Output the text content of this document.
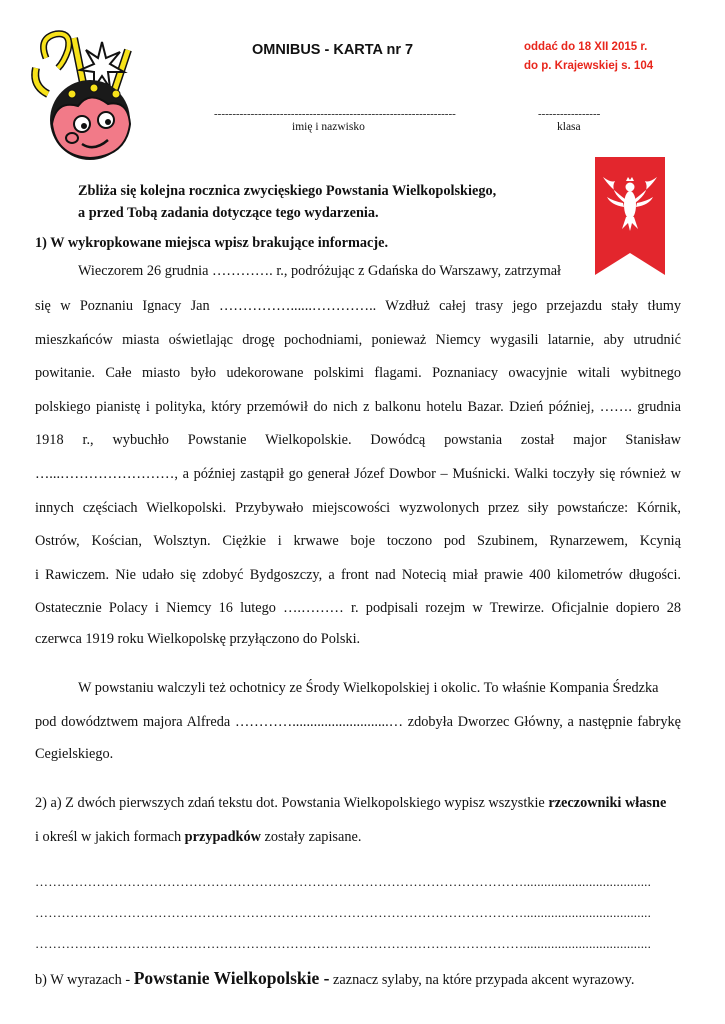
OMNIBUS - KARTA nr 7	oddać do 18 XII 2015 r.
do p. Krajewskiej s. 104
------------------------------------------------------------------
imię i nazwisko
-----------------
klasa
Zbliża się kolejna rocznica zwycięskiego Powstania Wielkopolskiego,
a przed Tobą zadania dotyczące tego wydarzenia.
1) W wykropkowane miejsca wpisz brakujące informacje.
Wieczorem 26 grudnia …………. r., podróżując z Gdańska do Warszawy, zatrzymał
się w Poznaniu Ignacy Jan ……………......………….. Wzdłuż całej trasy jego przejazdu stały tłumy
mieszkańców miasta oświetlając drogę pochodniami, ponieważ Niemcy wygasili latarnie, aby utrudnić
powitanie. Całe miasto było udekorowane polskimi flagami. Poznaniacy owacyjnie witali wybitnego
polskiego pianistę i polityka, który przemówił do nich z balkonu hotelu Bazar. Dzień później, ……. grudnia
1918 r., wybuchło Powstanie Wielkopolskie. Dowódcą powstania został major Stanisław
…...……………………, a później zastąpił go generał Józef Dowbor – Muśnicki. Walki toczyły się również w
innych częściach Wielkopolski. Przybywało miejscowości wyzwolonych przez siły powstańcze: Kórnik,
Ostrów, Kościan, Wolsztyn. Ciężkie i krwawe boje toczono pod Szubinem, Rynarzewem, Kcynią
i Rawiczem. Nie udało się zdobyć Bydgoszczy, a front nad Notecią miał prawie 400 kilometrów długości.
Ostatecznie Polacy i Niemcy 16 lutego ….……… r. podpisali rozejm w Trewirze. Oficjalnie dopiero 28
czerwca 1919 roku Wielkopolskę przyłączono do Polski.
W powstaniu walczyli też ochotnicy ze Środy Wielkopolskiej i okolic. To właśnie Kompania Średzka
pod dowództwem majora Alfreda …………...........................… zdobyła Dworzec Główny, a następnie fabrykę
Cegielskiego.
2) a) Z dwóch pierwszych zdań tekstu dot. Powstania Wielkopolskiego wypisz wszystkie rzeczowniki własne
i określ w jakich formach przypadków zostały zapisane.
………………………………………………………………………………………………….....................................
………………………………………………………………………………………………….....................................
………………………………………………………………………………………………….....................................
b) W wyrazach - Powstanie Wielkopolskie - zaznacz sylaby, na które przypada akcent wyrazowy.
